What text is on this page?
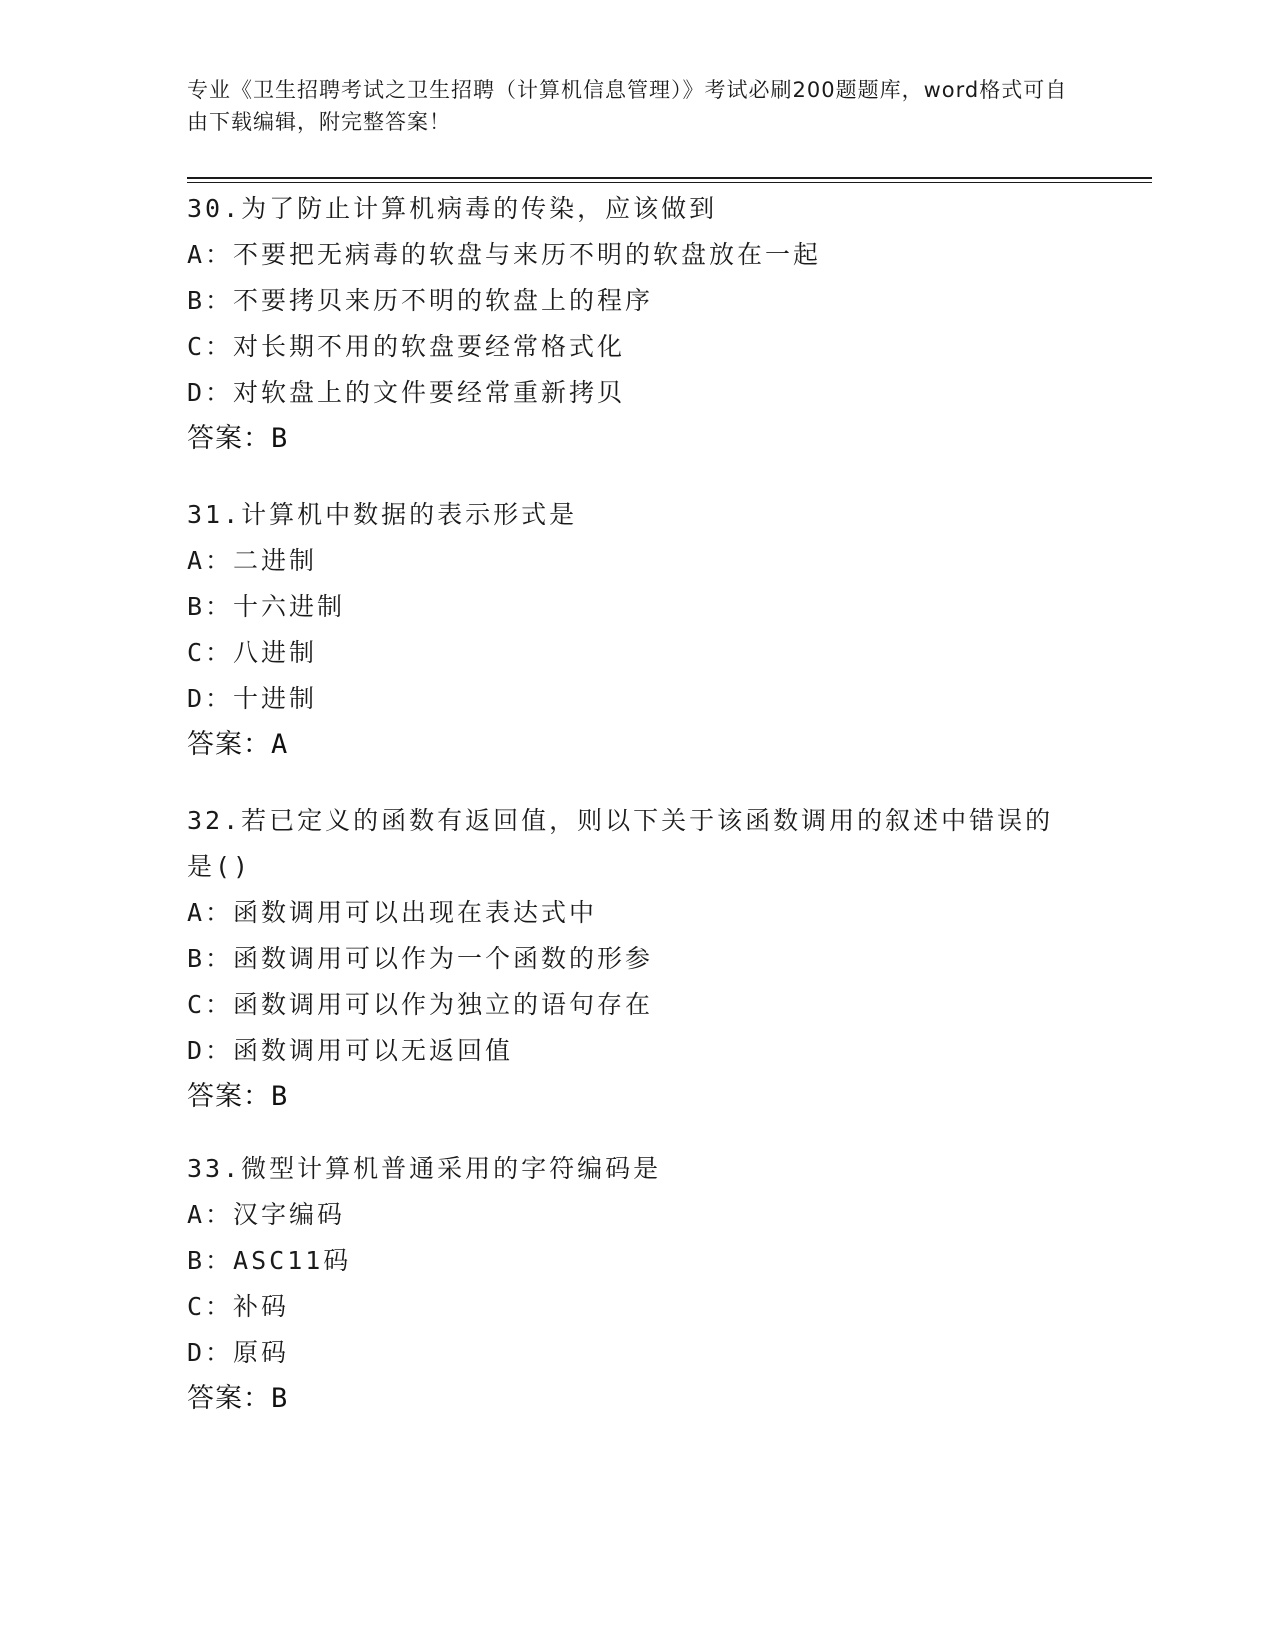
专业《卫生招聘考试之卫生招聘（计算机信息管理）》考试必刷200题题库，word格式可自由下载编辑，附完整答案！
30.为了防止计算机病毒的传染，应该做到
A：不要把无病毒的软盘与来历不明的软盘放在一起
B：不要拷贝来历不明的软盘上的程序
C：对长期不用的软盘要经常格式化
D：对软盘上的文件要经常重新拷贝
答案：B
31.计算机中数据的表示形式是
A：二进制
B：十六进制
C：八进制
D：十进制
答案：A
32.若已定义的函数有返回值，则以下关于该函数调用的叙述中错误的是()
A：函数调用可以出现在表达式中
B：函数调用可以作为一个函数的形参
C：函数调用可以作为独立的语句存在
D：函数调用可以无返回值
答案：B
33.微型计算机普通采用的字符编码是
A：汉字编码
B：ASC11码
C：补码
D：原码
答案：B
